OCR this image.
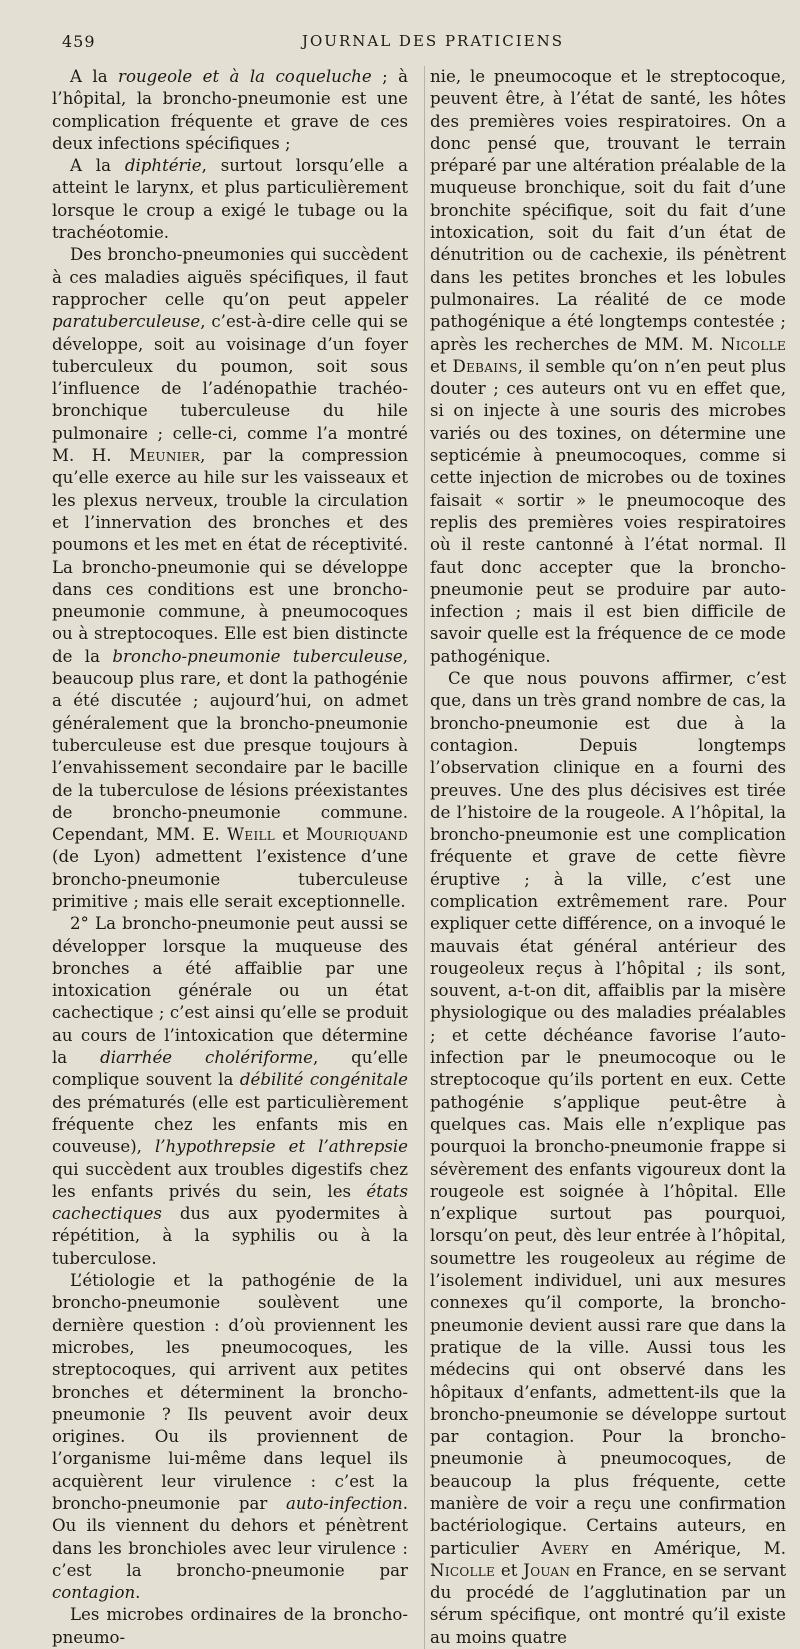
459	JOURNAL DES PRATICIENS

A la rougeole et à la coqueluche ; à l’hôpital, la broncho-pneumonie est une complication fréquente et grave de ces deux infections spécifiques ;

A la diphtérie, surtout lorsqu’elle a atteint le larynx, et plus particulièrement lorsque le croup a exigé le tubage ou la trachéotomie.

Des broncho-pneumonies qui succèdent à ces maladies aiguës spécifiques, il faut rapprocher celle qu’on peut appeler paratuberculeuse, c’est-à-dire celle qui se développe, soit au voisinage d’un foyer tuberculeux du poumon, soit sous l’influence de l’adénopathie trachéo-bronchique tuberculeuse du hile pulmonaire ; celle-ci, comme l’a montré M. H. Meunier, par la compression qu’elle exerce au hile sur les vaisseaux et les plexus nerveux, trouble la circulation et l’innervation des bronches et des poumons et les met en état de réceptivité. La broncho-pneumonie qui se développe dans ces conditions est une broncho-pneumonie commune, à pneumocoques ou à streptocoques. Elle est bien distincte de la broncho-pneumonie tuberculeuse, beaucoup plus rare, et dont la pathogénie a été discutée ; aujourd’hui, on admet généralement que la broncho-pneumonie tuberculeuse est due presque toujours à l’envahissement secondaire par le bacille de la tuberculose de lésions préexistantes de broncho-pneumonie commune. Cependant, MM. E. Weill et Mouriquand (de Lyon) admettent l’existence d’une broncho-pneumonie tuberculeuse primitive ; mais elle serait exceptionnelle.

2° La broncho-pneumonie peut aussi se développer lorsque la muqueuse des bronches a été affaiblie par une intoxication générale ou un état cachectique ; c’est ainsi qu’elle se produit au cours de l’intoxication que détermine la diarrhée cholériforme, qu’elle complique souvent la débilité congénitale des prématurés (elle est particulièrement fréquente chez les enfants mis en couveuse), l’hypothrepsie et l’athrepsie qui succèdent aux troubles digestifs chez les enfants privés du sein, les états cachectiques dus aux pyodermites à répétition, à la syphilis ou à la tuberculose.

L’étiologie et la pathogénie de la broncho-pneumonie soulèvent une dernière question : d’où proviennent les microbes, les pneumocoques, les streptocoques, qui arrivent aux petites bronches et déterminent la broncho-pneumonie ? Ils peuvent avoir deux origines. Ou ils proviennent de l’organisme lui-même dans lequel ils acquièrent leur virulence : c’est la broncho-pneumonie par auto-infection. Ou ils viennent du dehors et pénètrent dans les bronchioles avec leur virulence : c’est la broncho-pneumonie par contagion.

Les microbes ordinaires de la broncho-pneumo-

nie, le pneumocoque et le streptocoque, peuvent être, à l’état de santé, les hôtes des premières voies respiratoires. On a donc pensé que, trouvant le terrain préparé par une altération préalable de la muqueuse bronchique, soit du fait d’une bronchite spécifique, soit du fait d’une intoxication, soit du fait d’un état de dénutrition ou de cachexie, ils pénètrent dans les petites bronches et les lobules pulmonaires. La réalité de ce mode pathogénique a été longtemps contestée ; après les recherches de MM. M. Nicolle et Debains, il semble qu’on n’en peut plus douter ; ces auteurs ont vu en effet que, si on injecte à une souris des microbes variés ou des toxines, on détermine une septicémie à pneumocoques, comme si cette injection de microbes ou de toxines faisait « sortir » le pneumocoque des replis des premières voies respiratoires où il reste cantonné à l’état normal. Il faut donc accepter que la broncho-pneumonie peut se produire par auto-infection ; mais il est bien difficile de savoir quelle est la fréquence de ce mode pathogénique.

Ce que nous pouvons affirmer, c’est que, dans un très grand nombre de cas, la broncho-pneumonie est due à la contagion. Depuis longtemps l’observation clinique en a fourni des preuves. Une des plus décisives est tirée de l’histoire de la rougeole. A l’hôpital, la broncho-pneumonie est une complication fréquente et grave de cette fièvre éruptive ; à la ville, c’est une complication extrêmement rare. Pour expliquer cette différence, on a invoqué le mauvais état général antérieur des rougeoleux reçus à l’hôpital ; ils sont, souvent, a-t-on dit, affaiblis par la misère physiologique ou des maladies préalables ; et cette déchéance favorise l’auto-infection par le pneumocoque ou le streptocoque qu’ils portent en eux. Cette pathogénie s’applique peut-être à quelques cas. Mais elle n’explique pas pourquoi la broncho-pneumonie frappe si sévèrement des enfants vigoureux dont la rougeole est soignée à l’hôpital. Elle n’explique surtout pas pourquoi, lorsqu’on peut, dès leur entrée à l’hôpital, soumettre les rougeoleux au régime de l’isolement individuel, uni aux mesures connexes qu’il comporte, la broncho-pneumonie devient aussi rare que dans la pratique de la ville. Aussi tous les médecins qui ont observé dans les hôpitaux d’enfants, admettent-ils que la broncho-pneumonie se développe surtout par contagion. Pour la broncho-pneumonie à pneumocoques, de beaucoup la plus fréquente, cette manière de voir a reçu une confirmation bactériologique. Certains auteurs, en particulier Avery en Amérique, M. Nicolle et Jouan en France, en se servant du procédé de l’agglutination par un sérum spécifique, ont montré qu’il existe au moins quatre
